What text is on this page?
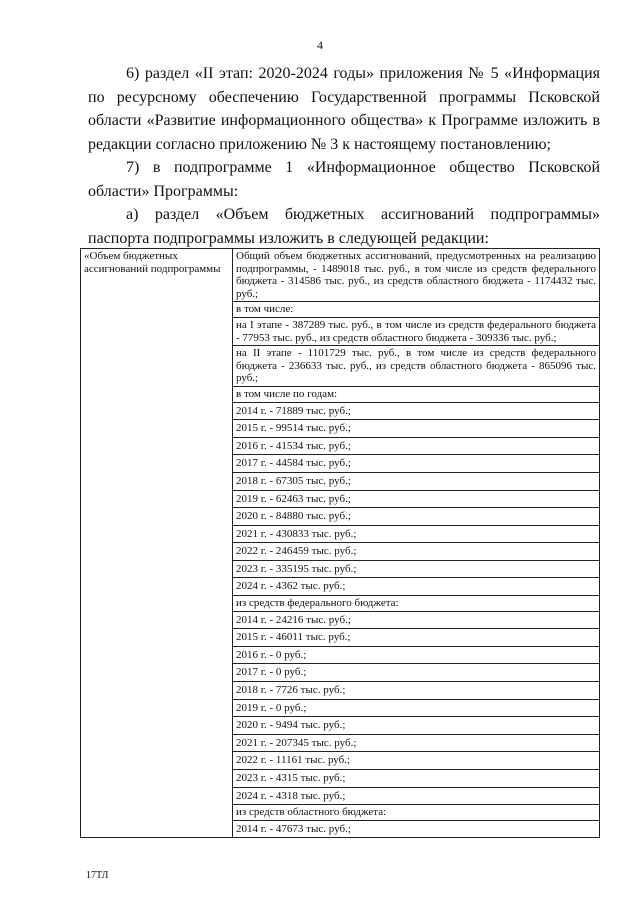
4

6) раздел «II этап: 2020-2024 годы» приложения № 5 «Информация по ресурсному обеспечению Государственной программы Псковской области «Развитие информационного общества» к Программе изложить в редакции согласно приложению № 3 к настоящему постановлению;

7) в подпрограмме 1 «Информационное общество Псковской области» Программы:

а) раздел «Объем бюджетных ассигнований подпрограммы» паспорта подпрограммы изложить в следующей редакции:

«Объем бюджетных ассигнований подпрограммы	Общий объем бюджетных ассигнований, предусмотренных на реализацию подпрограммы, - 1489018 тыс. руб., в том числе из средств федерального бюджета - 314586 тыс. руб., из средств областного бюджета - 1174432 тыс. руб.;
в том числе:
на I этапе - 387289 тыс. руб., в том числе из средств федерального бюджета - 77953 тыс. руб., из средств областного бюджета - 309336 тыс. руб.;
на II этапе - 1101729 тыс. руб., в том числе из средств федерального бюджета - 236633 тыс. руб., из средств областного бюджета - 865096 тыс. руб.;
в том числе по годам:
2014 г. - 71889 тыс. руб.;
2015 г. - 99514 тыс. руб.;
2016 г. - 41534 тыс. руб.;
2017 г. - 44584 тыс. руб.;
2018 г. - 67305 тыс. руб.;
2019 г. - 62463 тыс. руб.;
2020 г. - 84880 тыс. руб.;
2021 г. - 430833 тыс. руб.;
2022 г. - 246459 тыс. руб.;
2023 г. - 335195 тыс. руб.;
2024 г. - 4362 тыс. руб.;
из средств федерального бюджета:
2014 г. - 24216 тыс. руб.;
2015 г. - 46011 тыс. руб.;
2016 г. - 0 руб.;
2017 г. - 0 руб.;
2018 г. - 7726 тыс. руб.;
2019 г. - 0 руб.;
2020 г. - 9494 тыс. руб.;
2021 г. - 207345 тыс. руб.;
2022 г. - 11161 тыс. руб.;
2023 г. - 4315 тыс. руб.;
2024 г. - 4318 тыс. руб.;
из средств областного бюджета:
2014 г. - 47673 тыс. руб.;
17ТЛ
